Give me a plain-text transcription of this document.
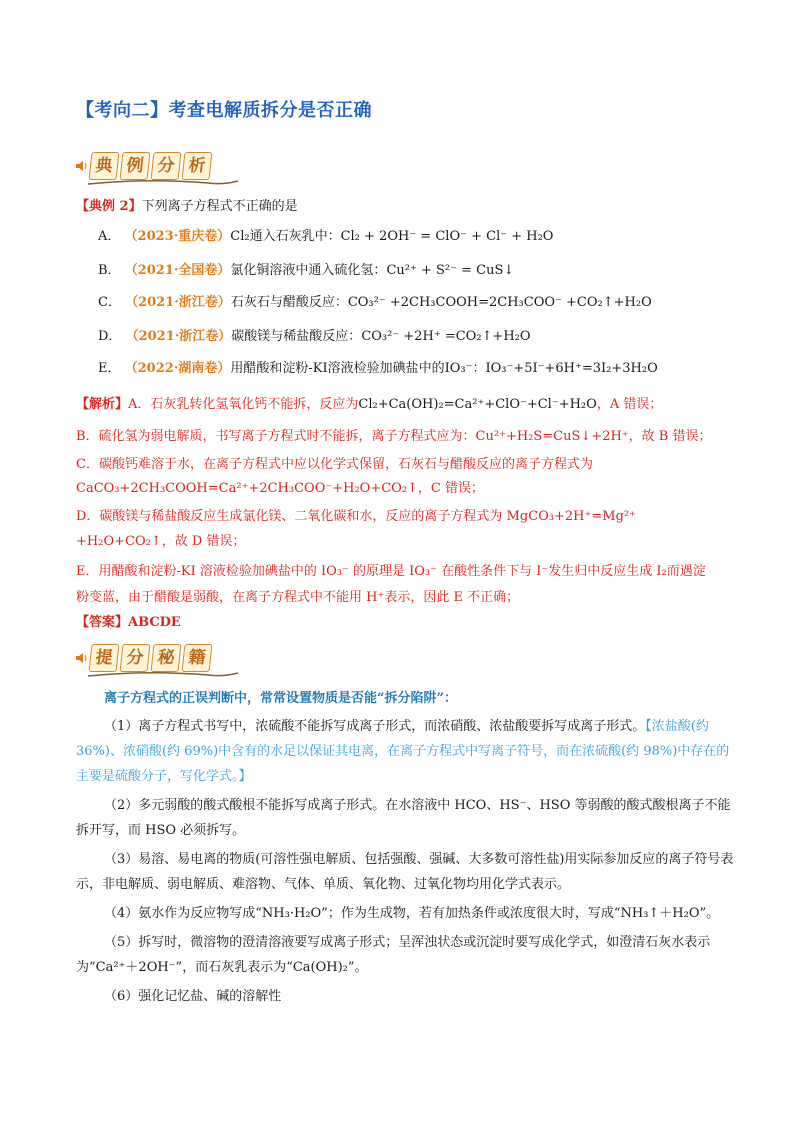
【考向二】考查电解质拆分是否正确
典 例 分 析
【典例 2】下列离子方程式不正确的是
A． （2023·重庆卷）Cl₂通入石灰乳中：Cl₂ + 2OH⁻ = ClO⁻ + Cl⁻ + H₂O
B． （2021·全国卷）氯化铜溶液中通入硫化氢：Cu²⁺ + S²⁻ = CuS↓
C． （2021·浙江卷）石灰石与醋酸反应：CO₃²⁻ +2CH₃COOH=2CH₃COO⁻ +CO₂↑+H₂O
D． （2021·浙江卷）碳酸镁与稀盐酸反应：CO₃²⁻ +2H⁺ =CO₂↑+H₂O
E． （2022·湖南卷）用醋酸和淀粉-KI溶液检验加碘盐中的IO₃⁻：IO₃⁻+5I⁻+6H⁺=3I₂+3H₂O
【解析】A．石灰乳转化氢氧化钙不能拆，反应为Cl₂+Ca(OH)₂=Ca²⁺+ClO⁻+Cl⁻+H₂O，A 错误；
B．硫化氢为弱电解质，书写离子方程式时不能拆，离子方程式应为：Cu²⁺+H₂S=CuS↓+2H⁺，故 B 错误；
C．碳酸钙难溶于水，在离子方程式中应以化学式保留，石灰石与醋酸反应的离子方程式为
CaCO₃+2CH₃COOH=Ca²⁺+2CH₃COO⁻+H₂O+CO₂↑，C 错误；
D．碳酸镁与稀盐酸反应生成氯化镁、二氧化碳和水，反应的离子方程式为 MgCO₃+2H⁺=Mg²⁺
+H₂O+CO₂↑，故 D 错误；
E．用醋酸和淀粉-KI 溶液检验加碘盐中的 IO₃⁻ 的原理是 IO₃⁻ 在酸性条件下与 I⁻发生归中反应生成 I₂而遇淀
粉变蓝，由于醋酸是弱酸，在离子方程式中不能用 H⁺表示，因此 E 不正确；
【答案】ABCDE
提 分 秘 籍
离子方程式的正误判断中，常常设置物质是否能“拆分陷阱”：

（1）离子方程式书写中，浓硫酸不能拆写成离子形式，而浓硝酸、浓盐酸要拆写成离子形式。【浓盐酸(约 36%)、浓硝酸(约 69%)中含有的水足以保证其电离，在离子方程式中写离子符号，而在浓硫酸(约 98%)中存在的主要是硫酸分子，写化学式。】

（2）多元弱酸的酸式酸根不能拆写成离子形式。在水溶液中 HCO、HS⁻、HSO 等弱酸的酸式酸根离子不能拆开写，而 HSO 必须拆写。

（3）易溶、易电离的物质(可溶性强电解质、包括强酸、强碱、大多数可溶性盐)用实际参加反应的离子符号表示，非电解质、弱电解质、难溶物、气体、单质、氧化物、过氧化物均用化学式表示。

（4）氨水作为反应物写成“NH₃·H₂O”；作为生成物，若有加热条件或浓度很大时，写成“NH₃↑＋H₂O”。

（5）拆写时，微溶物的澄清溶液要写成离子形式；呈浑浊状态或沉淀时要写成化学式，如澄清石灰水表示为“Ca²⁺＋2OH⁻”，而石灰乳表示为“Ca(OH)₂”。

（6）强化记忆盐、碱的溶解性
